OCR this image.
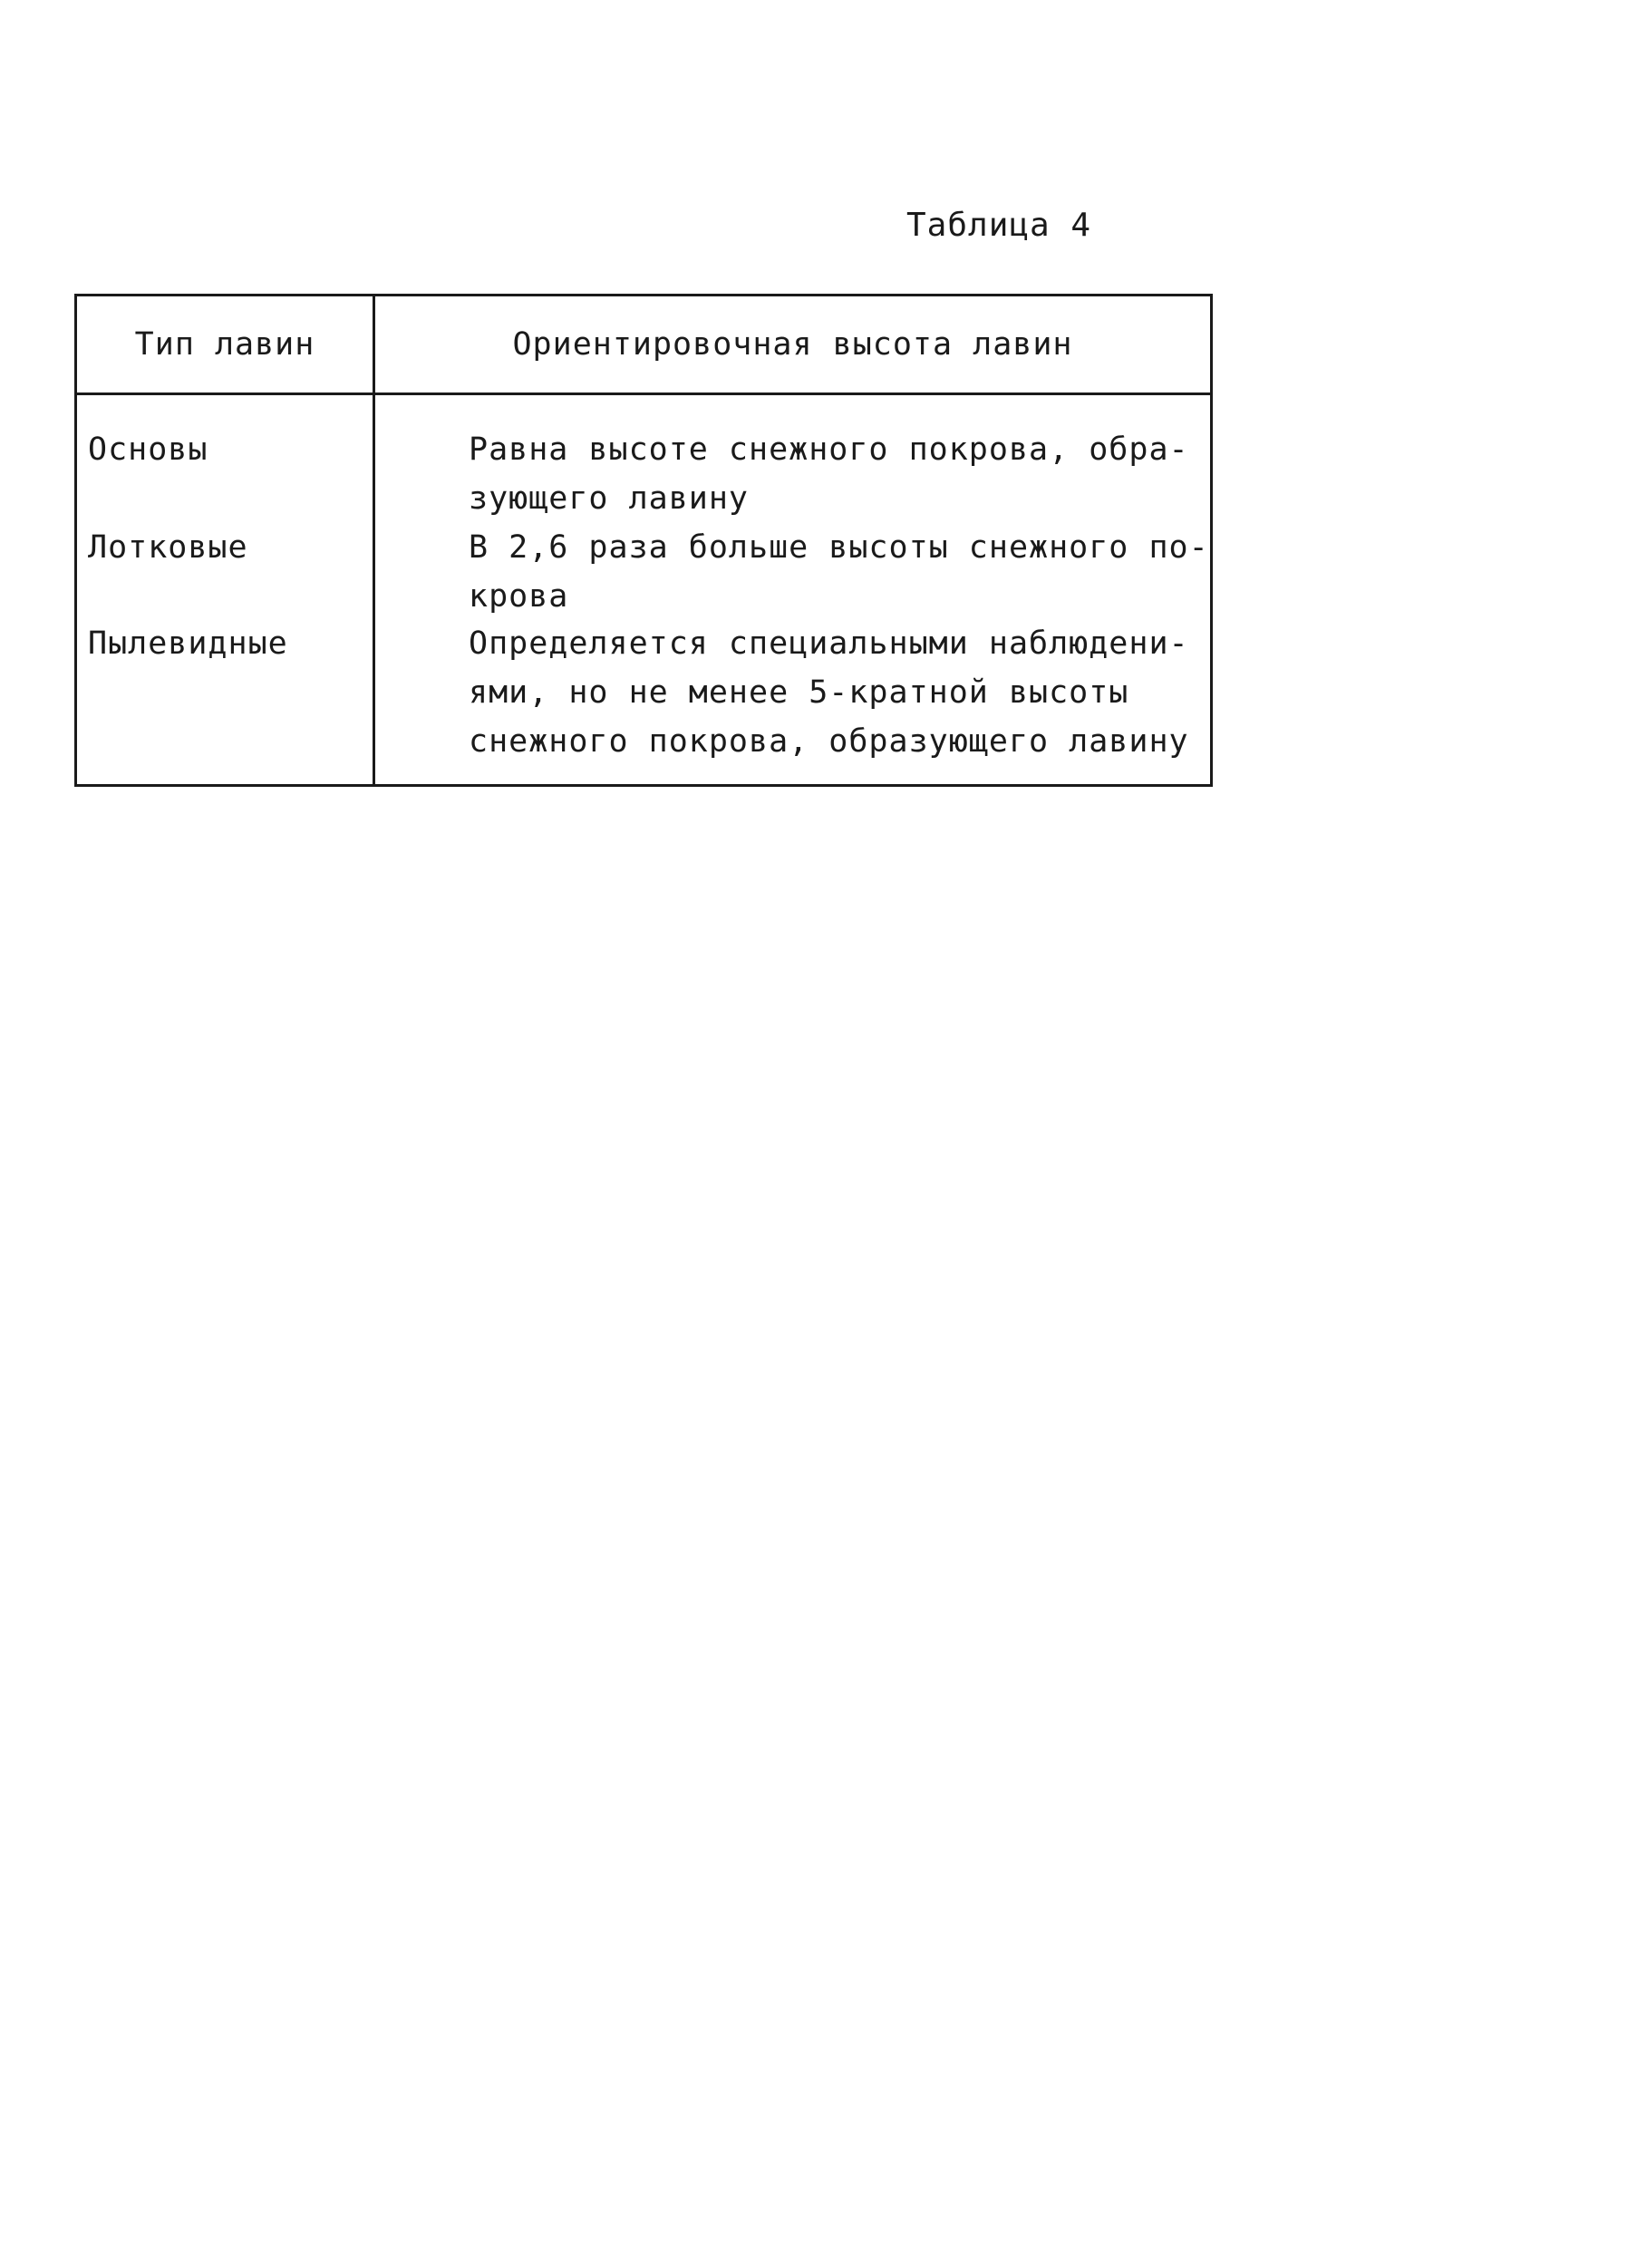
Таблица 4
Тип лавин	Ориентировочная высота лавин
Основы	Равна высоте снежного покрова, обра-
зующего лавину
Лотковые	В 2,6 раза больше высоты снежного по-
крова
Пылевидные	Определяется специальными наблюдени-
ями, но не менее 5-кратной высоты
снежного покрова, образующего лавину
